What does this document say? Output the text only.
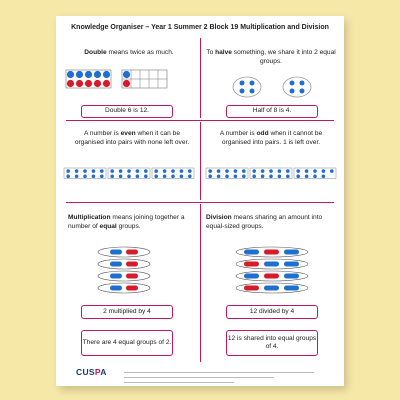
Knowledge Organiser – Year 1 Summer 2 Block 19 Multiplication and Division
Double means twice as much.
Double 6 is 12.
To halve something, we share it into 2 equal groups.
Half of 8 is 4.
A number is even when it can be organised into pairs with none left over.
A number is odd when it cannot be organised into pairs. 1 is left over.
Multiplication means joining together a number of equal groups.
2 multiplied by 4
There are 4 equal groups of 2.
Division means sharing an amount into equal-sized groups.
12 divided by 4
12 is shared into equal groups of 4.
CUSPA
